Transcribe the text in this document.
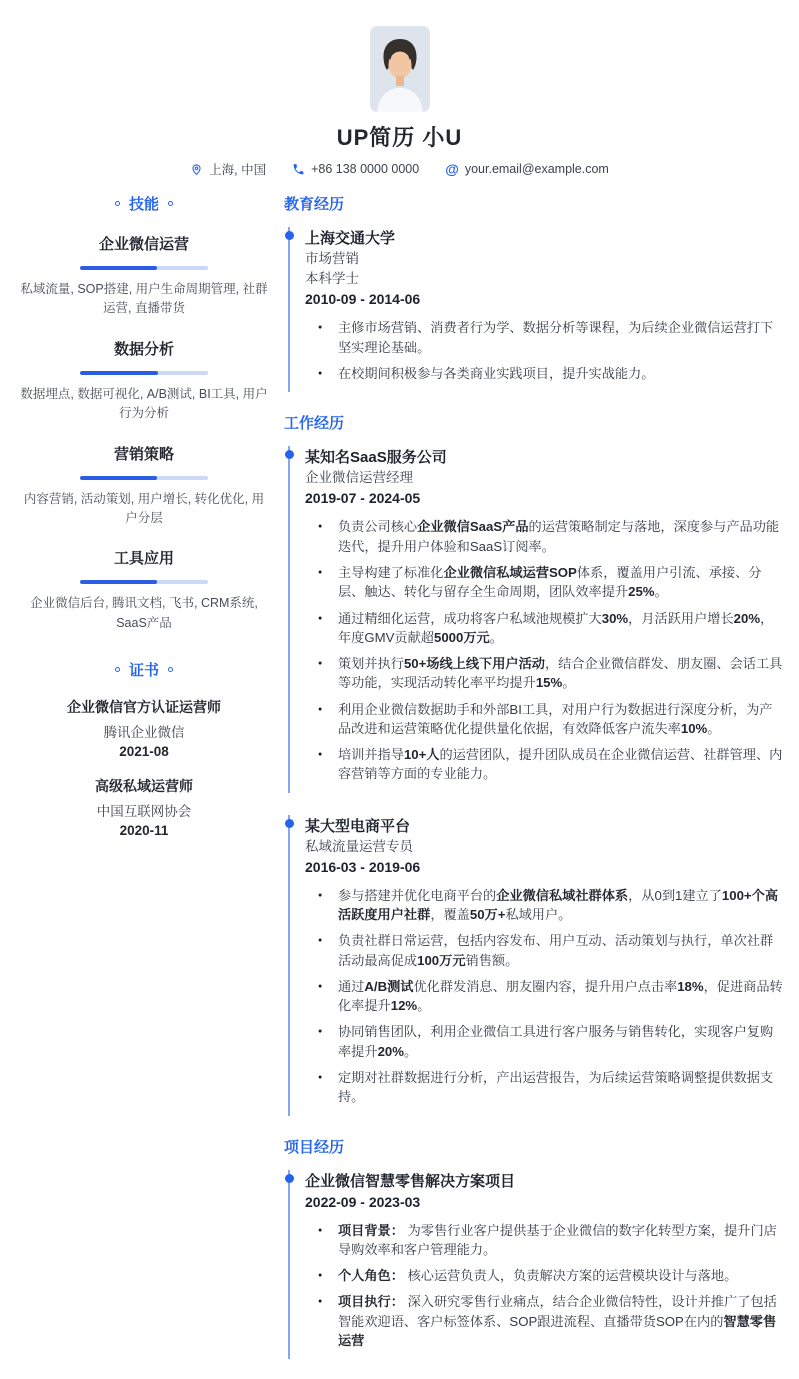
UP简历 小U
上海, 中国	+86 138 0000 0000 @ your.email@example.com
技能
企业微信运营
私域流量, SOP搭建, 用户生命周期管理, 社群运营, 直播带货
数据分析
数据埋点, 数据可视化, A/B测试, BI工具, 用户行为分析
营销策略
内容营销, 活动策划, 用户增长, 转化优化, 用户分层
工具应用
企业微信后台, 腾讯文档, 飞书, CRM系统, SaaS产品
证书
企业微信官方认证运营师
腾讯企业微信
2021-08
高级私域运营师
中国互联网协会
2020-11
教育经历
上海交通大学
市场营销
本科学士
2010-09 - 2014-06
● 主修市场营销、消费者行为学、数据分析等课程，为后续企业微信运营打下坚实理论基础。
● 在校期间积极参与各类商业实践项目，提升实战能力。
工作经历
某知名SaaS服务公司
企业微信运营经理
2019-07 - 2024-05
● 负责公司核心企业微信SaaS产品的运营策略制定与落地，深度参与产品功能迭代，提升用户体验和SaaS订阅率。
● 主导构建了标准化企业微信私域运营SOP体系，覆盖用户引流、承接、分层、触达、转化与留存全生命周期，团队效率提升25%。
● 通过精细化运营，成功将客户私域池规模扩大30%，月活跃用户增长20%，年度GMV贡献超5000万元。
● 策划并执行50+场线上线下用户活动，结合企业微信群发、朋友圈、会话工具等功能，实现活动转化率平均提升15%。
● 利用企业微信数据助手和外部BI工具，对用户行为数据进行深度分析，为产品改进和运营策略优化提供量化依据，有效降低客户流失率10%。
● 培训并指导10+人的运营团队，提升团队成员在企业微信运营、社群管理、内容营销等方面的专业能力。
某大型电商平台
私域流量运营专员
2016-03 - 2019-06
● 参与搭建并优化电商平台的企业微信私域社群体系，从0到1建立了100+个高活跃度用户社群，覆盖50万+私域用户。
● 负责社群日常运营，包括内容发布、用户互动、活动策划与执行，单次社群活动最高促成100万元销售额。
● 通过A/B测试优化群发消息、朋友圈内容，提升用户点击率18%，促进商品转化率提升12%。
● 协同销售团队，利用企业微信工具进行客户服务与销售转化，实现客户复购率提升20%。
● 定期对社群数据进行分析，产出运营报告，为后续运营策略调整提供数据支持。
项目经历
企业微信智慧零售解决方案项目
2022-09 - 2023-03
● 项目背景： 为零售行业客户提供基于企业微信的数字化转型方案，提升门店导购效率和客户管理能力。
● 个人角色： 核心运营负责人，负责解决方案的运营模块设计与落地。
● 项目执行： 深入研究零售行业痛点，结合企业微信特性，设计并推广了包括智能欢迎语、客户标签体系、SOP跟进流程、直播带货SOP在内的智慧零售运营
